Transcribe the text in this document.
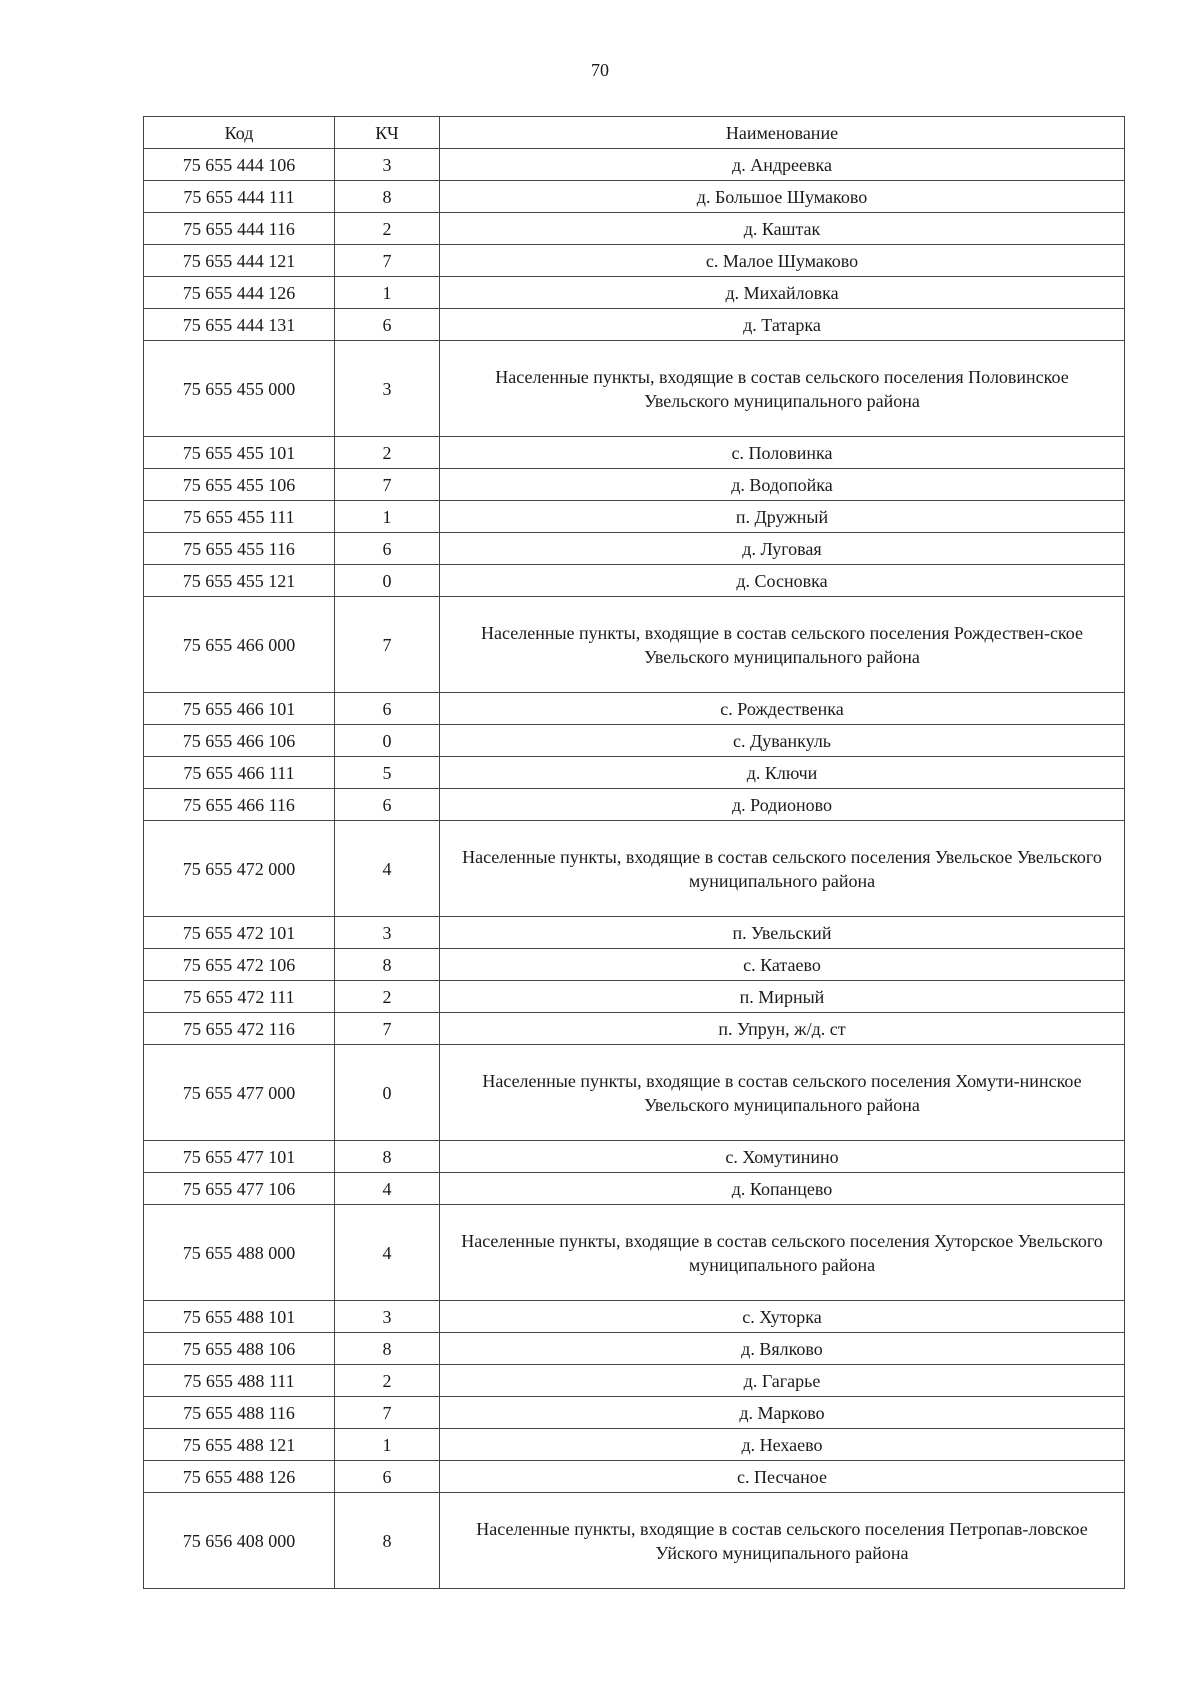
70
Код	КЧ	Наименование
75 655 444 106	3	д. Андреевка
75 655 444 111	8	д. Большое Шумаково
75 655 444 116	2	д. Каштак
75 655 444 121	7	с. Малое Шумаково
75 655 444 126	1	д. Михайловка
75 655 444 131	6	д. Татарка
75 655 455 000	3	Населенные пункты, входящие в состав сельского поселения Половинское Увельского муниципального района
75 655 455 101	2	с. Половинка
75 655 455 106	7	д. Водопойка
75 655 455 111	1	п. Дружный
75 655 455 116	6	д. Луговая
75 655 455 121	0	д. Сосновка
75 655 466 000	7	Населенные пункты, входящие в состав сельского поселения Рождествен-ское Увельского муниципального района
75 655 466 101	6	с. Рождественка
75 655 466 106	0	с. Дуванкуль
75 655 466 111	5	д. Ключи
75 655 466 116	6	д. Родионово
75 655 472 000	4	Населенные пункты, входящие в состав сельского поселения Увельское Увельского муниципального района
75 655 472 101	3	п. Увельский
75 655 472 106	8	с. Катаево
75 655 472 111	2	п. Мирный
75 655 472 116	7	п. Упрун, ж/д. ст
75 655 477 000	0	Населенные пункты, входящие в состав сельского поселения Хомути-нинское Увельского муниципального района
75 655 477 101	8	с. Хомутинино
75 655 477 106	4	д. Копанцево
75 655 488 000	4	Населенные пункты, входящие в состав сельского поселения Хуторское Увельского муниципального района
75 655 488 101	3	с. Хуторка
75 655 488 106	8	д. Вялково
75 655 488 111	2	д. Гагарье
75 655 488 116	7	д. Марково
75 655 488 121	1	д. Нехаево
75 655 488 126	6	с. Песчаное
75 656 408 000	8	Населенные пункты, входящие в состав сельского поселения Петропав-ловское Уйского муниципального района
